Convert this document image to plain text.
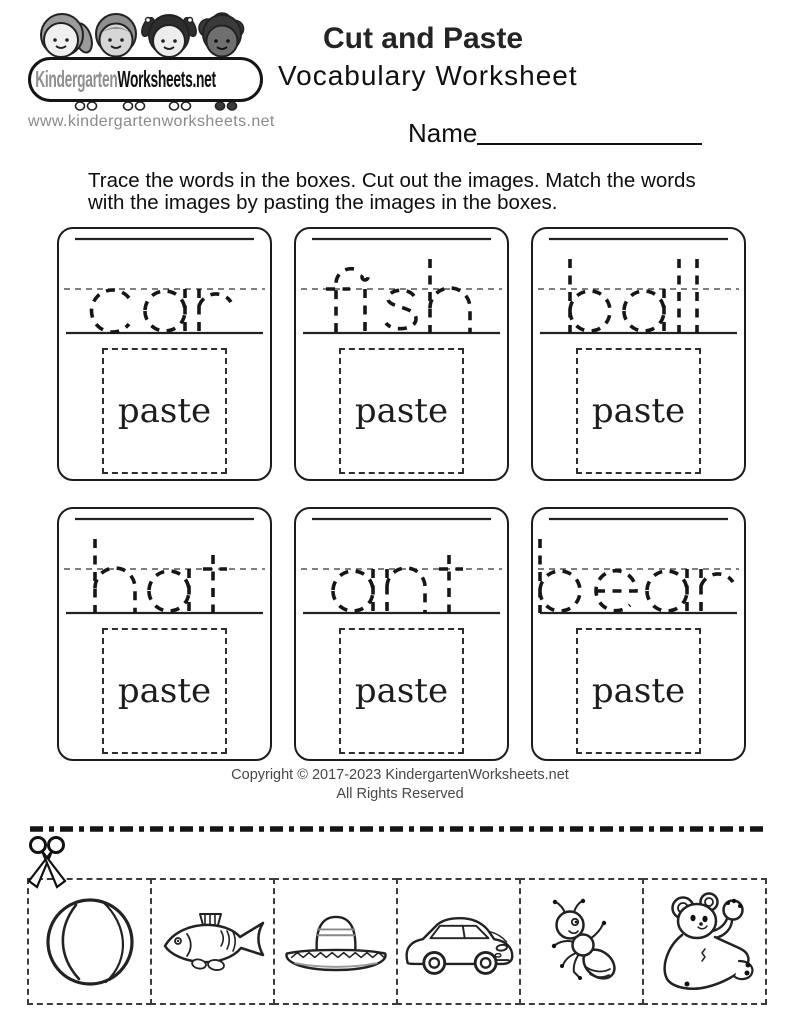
KindergartenWorksheets.net
www.kindergartenworksheets.net
Cut and Paste
Vocabulary Worksheet
Name
Trace the words in the boxes. Cut out the images. Match the words
with the images by pasting the images in the boxes.
paste	paste	paste
paste	paste	paste
Copyright © 2017-2023 KindergartenWorksheets.net
All Rights Reserved
